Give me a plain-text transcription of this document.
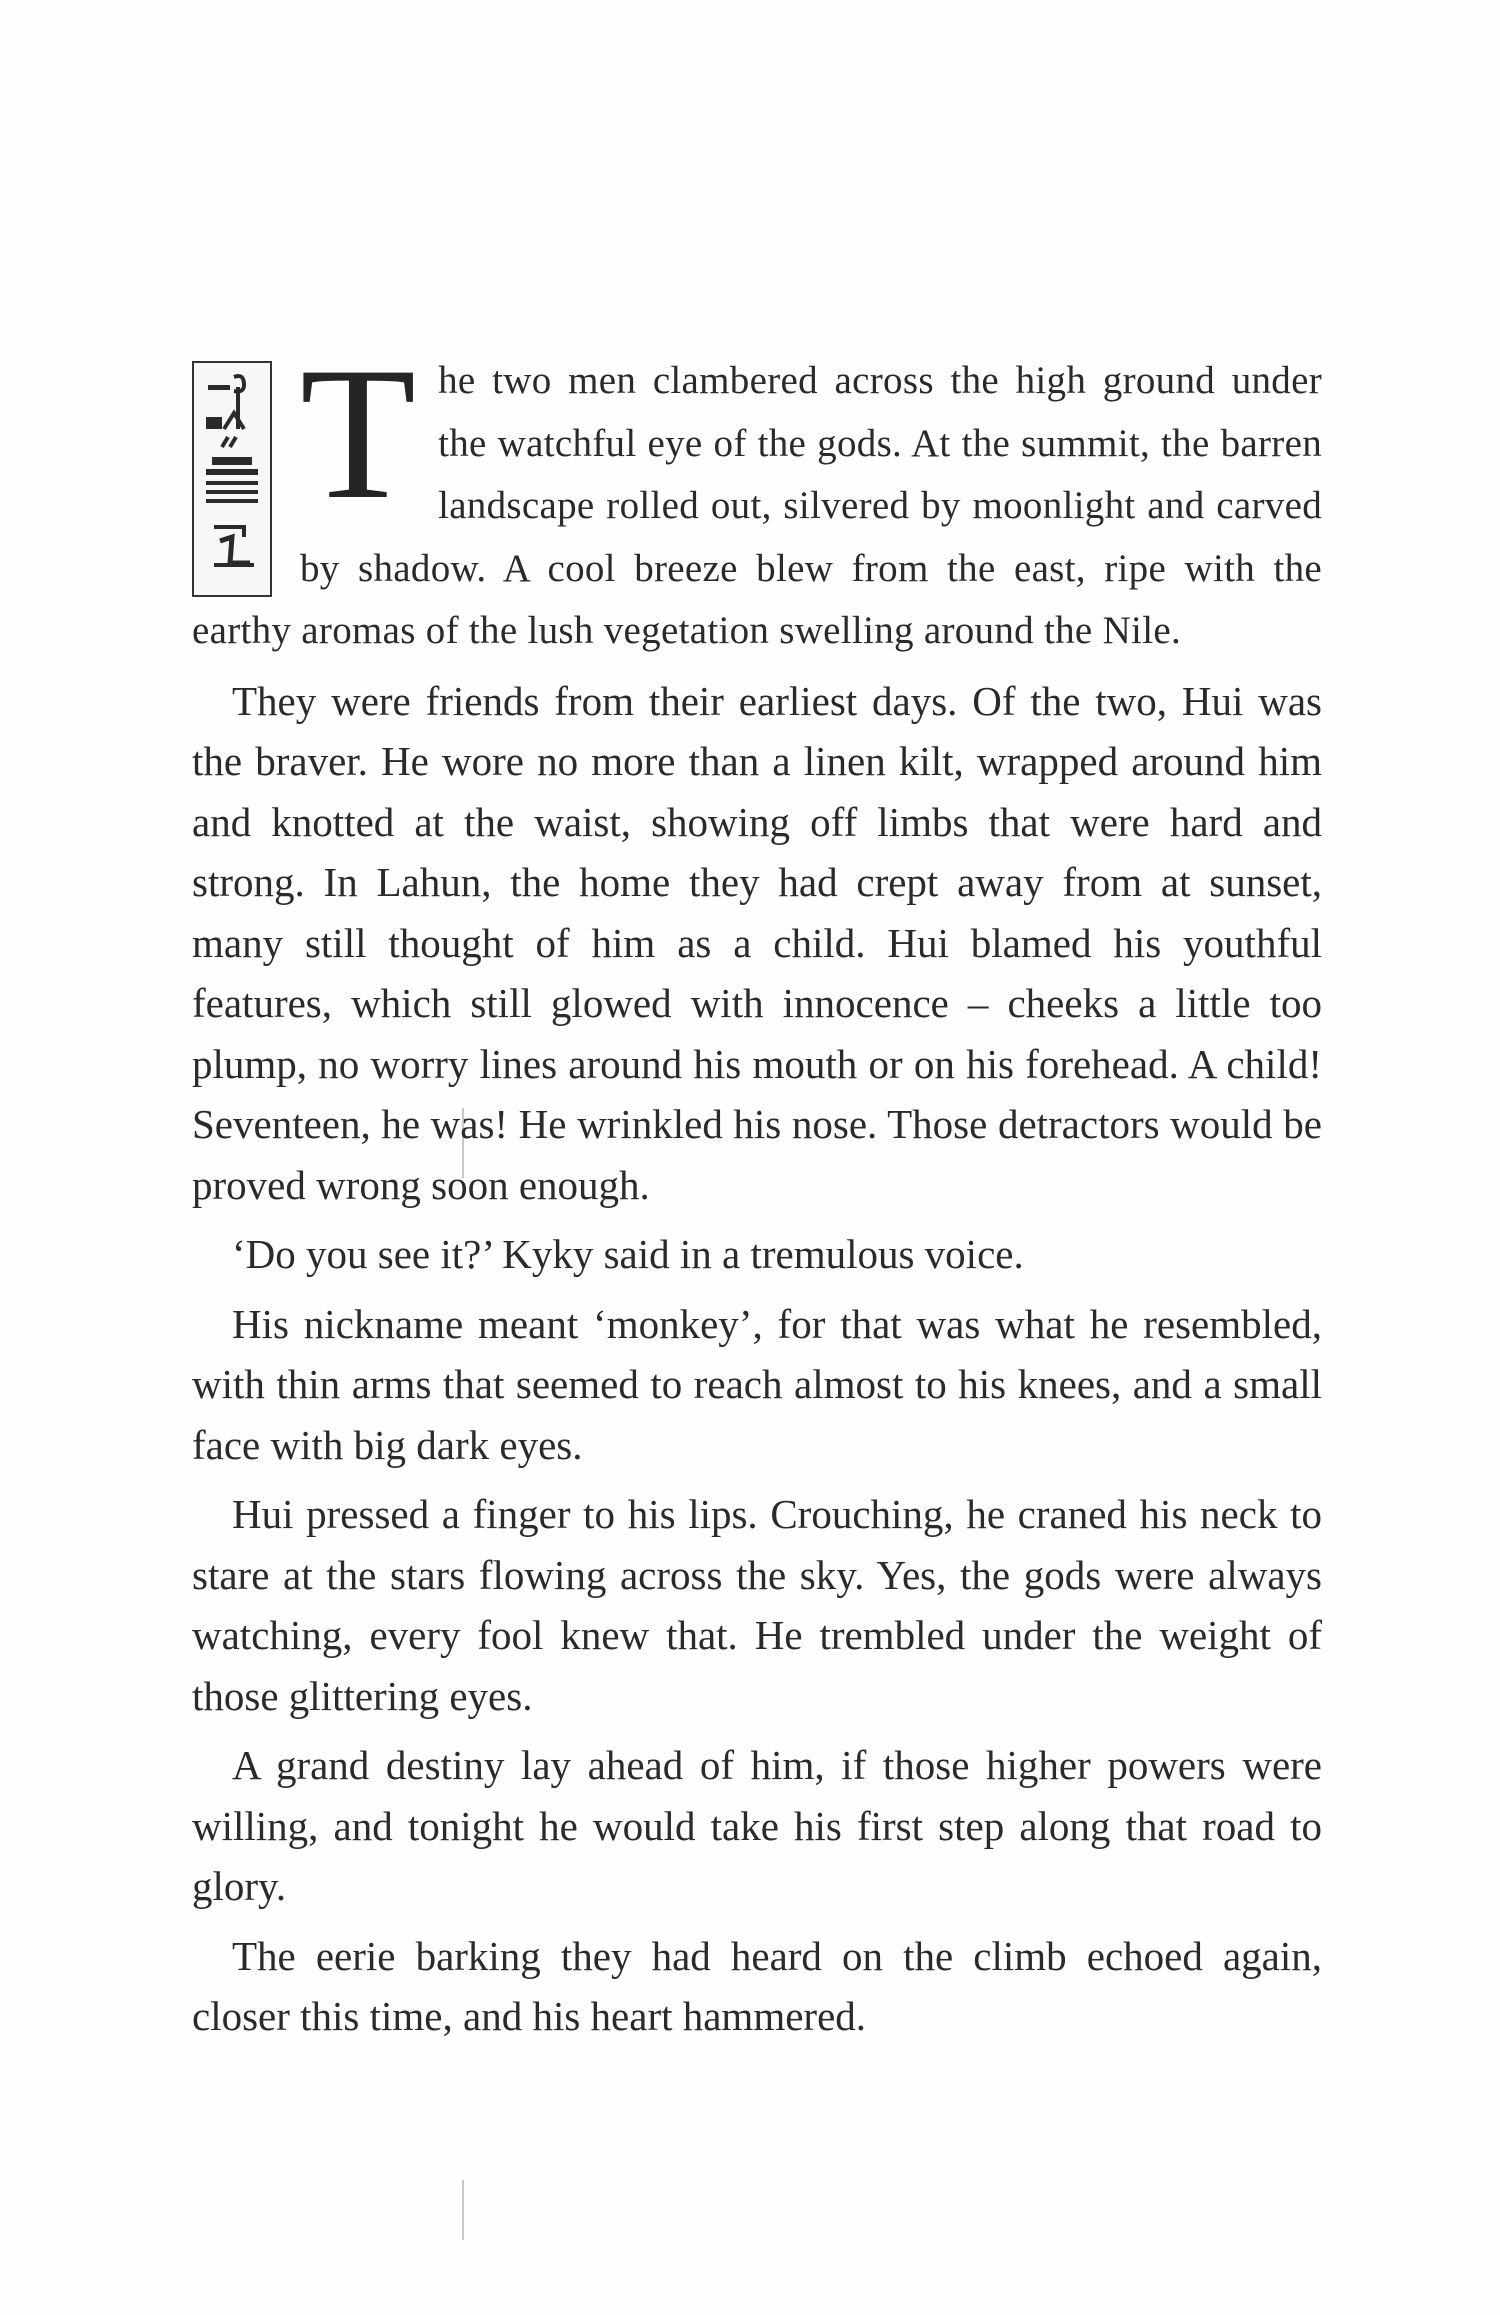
The two men clambered across the high ground under the watchful eye of the gods. At the summit, the barren landscape rolled out, silvered by moonlight and carved by shadow. A cool breeze blew from the east, ripe with the earthy aromas of the lush vegetation swelling around the Nile.

They were friends from their earliest days. Of the two, Hui was the braver. He wore no more than a linen kilt, wrapped around him and knotted at the waist, showing off limbs that were hard and strong. In Lahun, the home they had crept away from at sunset, many still thought of him as a child. Hui blamed his youthful features, which still glowed with innocence – cheeks a little too plump, no worry lines around his mouth or on his forehead. A child! Seventeen, he was! He wrinkled his nose. Those detractors would be proved wrong soon enough.

‘Do you see it?’ Kyky said in a tremulous voice.

His nickname meant ‘monkey’, for that was what he resembled, with thin arms that seemed to reach almost to his knees, and a small face with big dark eyes.

Hui pressed a finger to his lips. Crouching, he craned his neck to stare at the stars flowing across the sky. Yes, the gods were always watching, every fool knew that. He trembled under the weight of those glittering eyes.

A grand destiny lay ahead of him, if those higher powers were willing, and tonight he would take his first step along that road to glory.

The eerie barking they had heard on the climb echoed again, closer this time, and his heart hammered.
